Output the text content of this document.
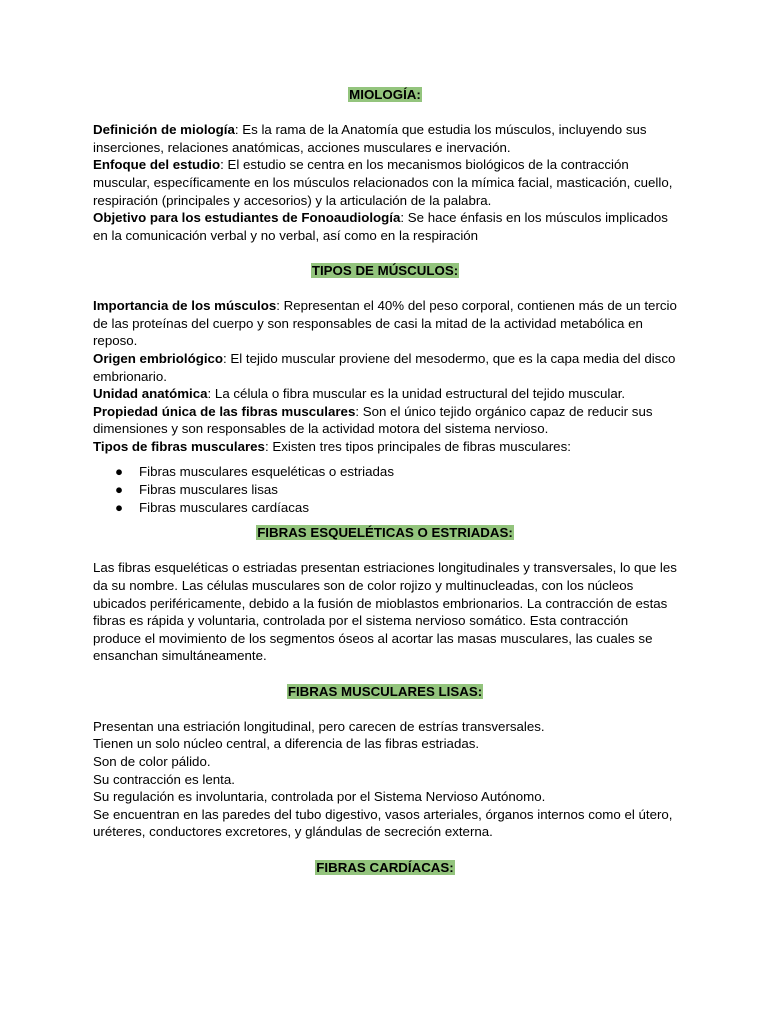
MIOLOGÍA:

Definición de miología: Es la rama de la Anatomía que estudia los músculos, incluyendo sus inserciones, relaciones anatómicas, acciones musculares e inervación.

Enfoque del estudio: El estudio se centra en los mecanismos biológicos de la contracción muscular, específicamente en los músculos relacionados con la mímica facial, masticación, cuello, respiración (principales y accesorios) y la articulación de la palabra.

Objetivo para los estudiantes de Fonoaudiología: Se hace énfasis en los músculos implicados en la comunicación verbal y no verbal, así como en la respiración

TIPOS DE MÚSCULOS:

Importancia de los músculos: Representan el 40% del peso corporal, contienen más de un tercio de las proteínas del cuerpo y son responsables de casi la mitad de la actividad metabólica en reposo.

Origen embriológico: El tejido muscular proviene del mesodermo, que es la capa media del disco embrionario.

Unidad anatómica: La célula o fibra muscular es la unidad estructural del tejido muscular.

Propiedad única de las fibras musculares: Son el único tejido orgánico capaz de reducir sus dimensiones y son responsables de la actividad motora del sistema nervioso.

Tipos de fibras musculares: Existen tres tipos principales de fibras musculares:

● Fibras musculares esqueléticas o estriadas
● Fibras musculares lisas
● Fibras musculares cardíacas
FIBRAS ESQUELÉTICAS O ESTRIADAS:

Las fibras esqueléticas o estriadas presentan estriaciones longitudinales y transversales, lo que les da su nombre. Las células musculares son de color rojizo y multinucleadas, con los núcleos ubicados periféricamente, debido a la fusión de mioblastos embrionarios. La contracción de estas fibras es rápida y voluntaria, controlada por el sistema nervioso somático. Esta contracción produce el movimiento de los segmentos óseos al acortar las masas musculares, las cuales se ensanchan simultáneamente.

FIBRAS MUSCULARES LISAS:

Presentan una estriación longitudinal, pero carecen de estrías transversales.

Tienen un solo núcleo central, a diferencia de las fibras estriadas.

Son de color pálido.

Su contracción es lenta.

Su regulación es involuntaria, controlada por el Sistema Nervioso Autónomo.

Se encuentran en las paredes del tubo digestivo, vasos arteriales, órganos internos como el útero, uréteres, conductores excretores, y glándulas de secreción externa.

FIBRAS CARDÍACAS:
